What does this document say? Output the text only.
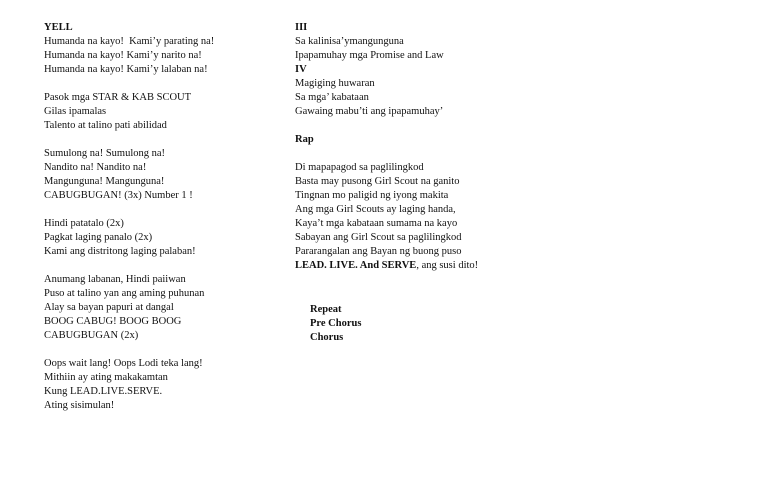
YELL
Humanda na kayo!  Kami’y parating na!
Humanda na kayo! Kami’y narito na!
Humanda na kayo! Kami’y lalaban na!
Pasok mga STAR & KAB SCOUT
Gilas ipamalas
Talento at talino pati abilidad
Sumulong na! Sumulong na!
Nandito na! Nandito na!
Mangunguna! Mangunguna!
CABUGBUGAN! (3x) Number 1 !
Hindi patatalo (2x)
Pagkat laging panalo (2x)
Kami ang distritong laging palaban!
Anumang labanan, Hindi paiiwan
Puso at talino yan ang aming puhunan
Alay sa bayan papuri at dangal
BOOG CABUG! BOOG BOOG
CABUGBUGAN (2x)
Oops wait lang! Oops Lodi teka lang!
Mithiin ay ating makakamtan
Kung LEAD.LIVE.SERVE.
Ating sisimulan!
III
Sa kalinisa’ymangunguna
Ipapamuhay mga Promise and Law
IV
Magiging huwaran
Sa mga’ kabataan
Gawaing mabu’ti ang ipapamuhay’
Rap
Di mapapagod sa paglilingkod
Basta may pusong Girl Scout na ganito
Tingnan mo paligid ng iyong makita
Ang mga Girl Scouts ay laging handa,
Kaya’t mga kabataan sumama na kayo
Sabayan ang Girl Scout sa paglilingkod
Pararangalan ang Bayan ng buong puso
LEAD. LIVE. And SERVE, ang susi dito!
Repeat
Pre Chorus
Chorus
